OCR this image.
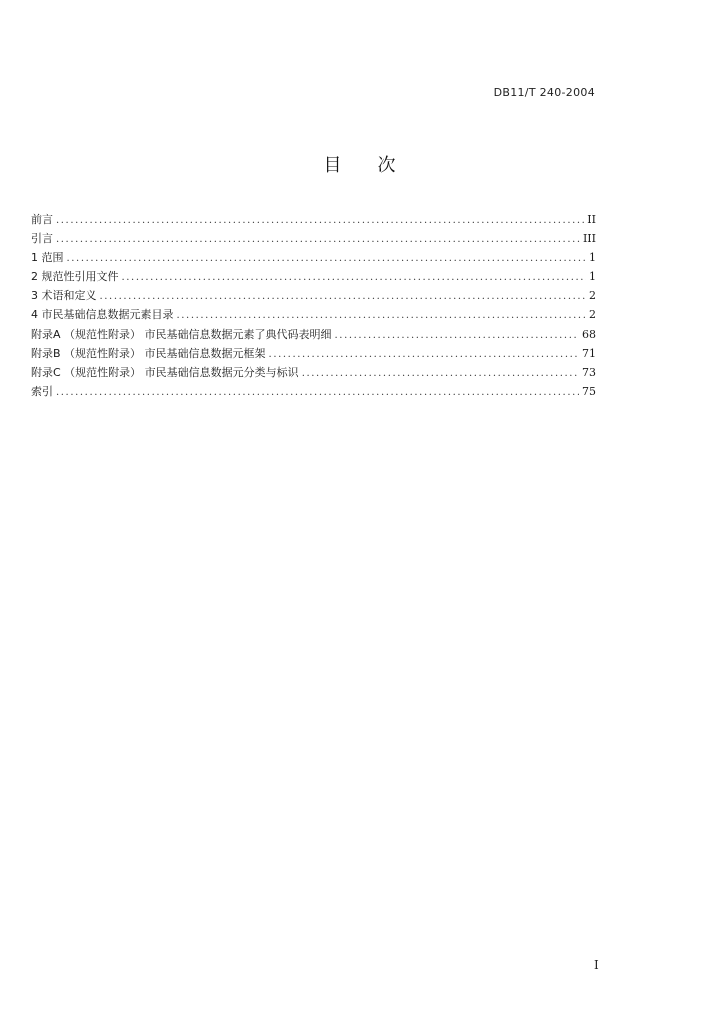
DB11/T 240-2004
目 次
前言 .....	II
引言 .....	III
1 范围 .....	1
2 规范性引用文件 .....	1
3 术语和定义 .....	2
4 市民基础信息数据元素目录 .....	2
附录A （规范性附录） 市民基础信息数据元素了典代码表明细 .....	68
附录B （规范性附录） 市民基础信息数据元框架 .....	71
附录C （规范性附录） 市民基础信息数据元分类与标识 .....	73
索引 .....	75
I
